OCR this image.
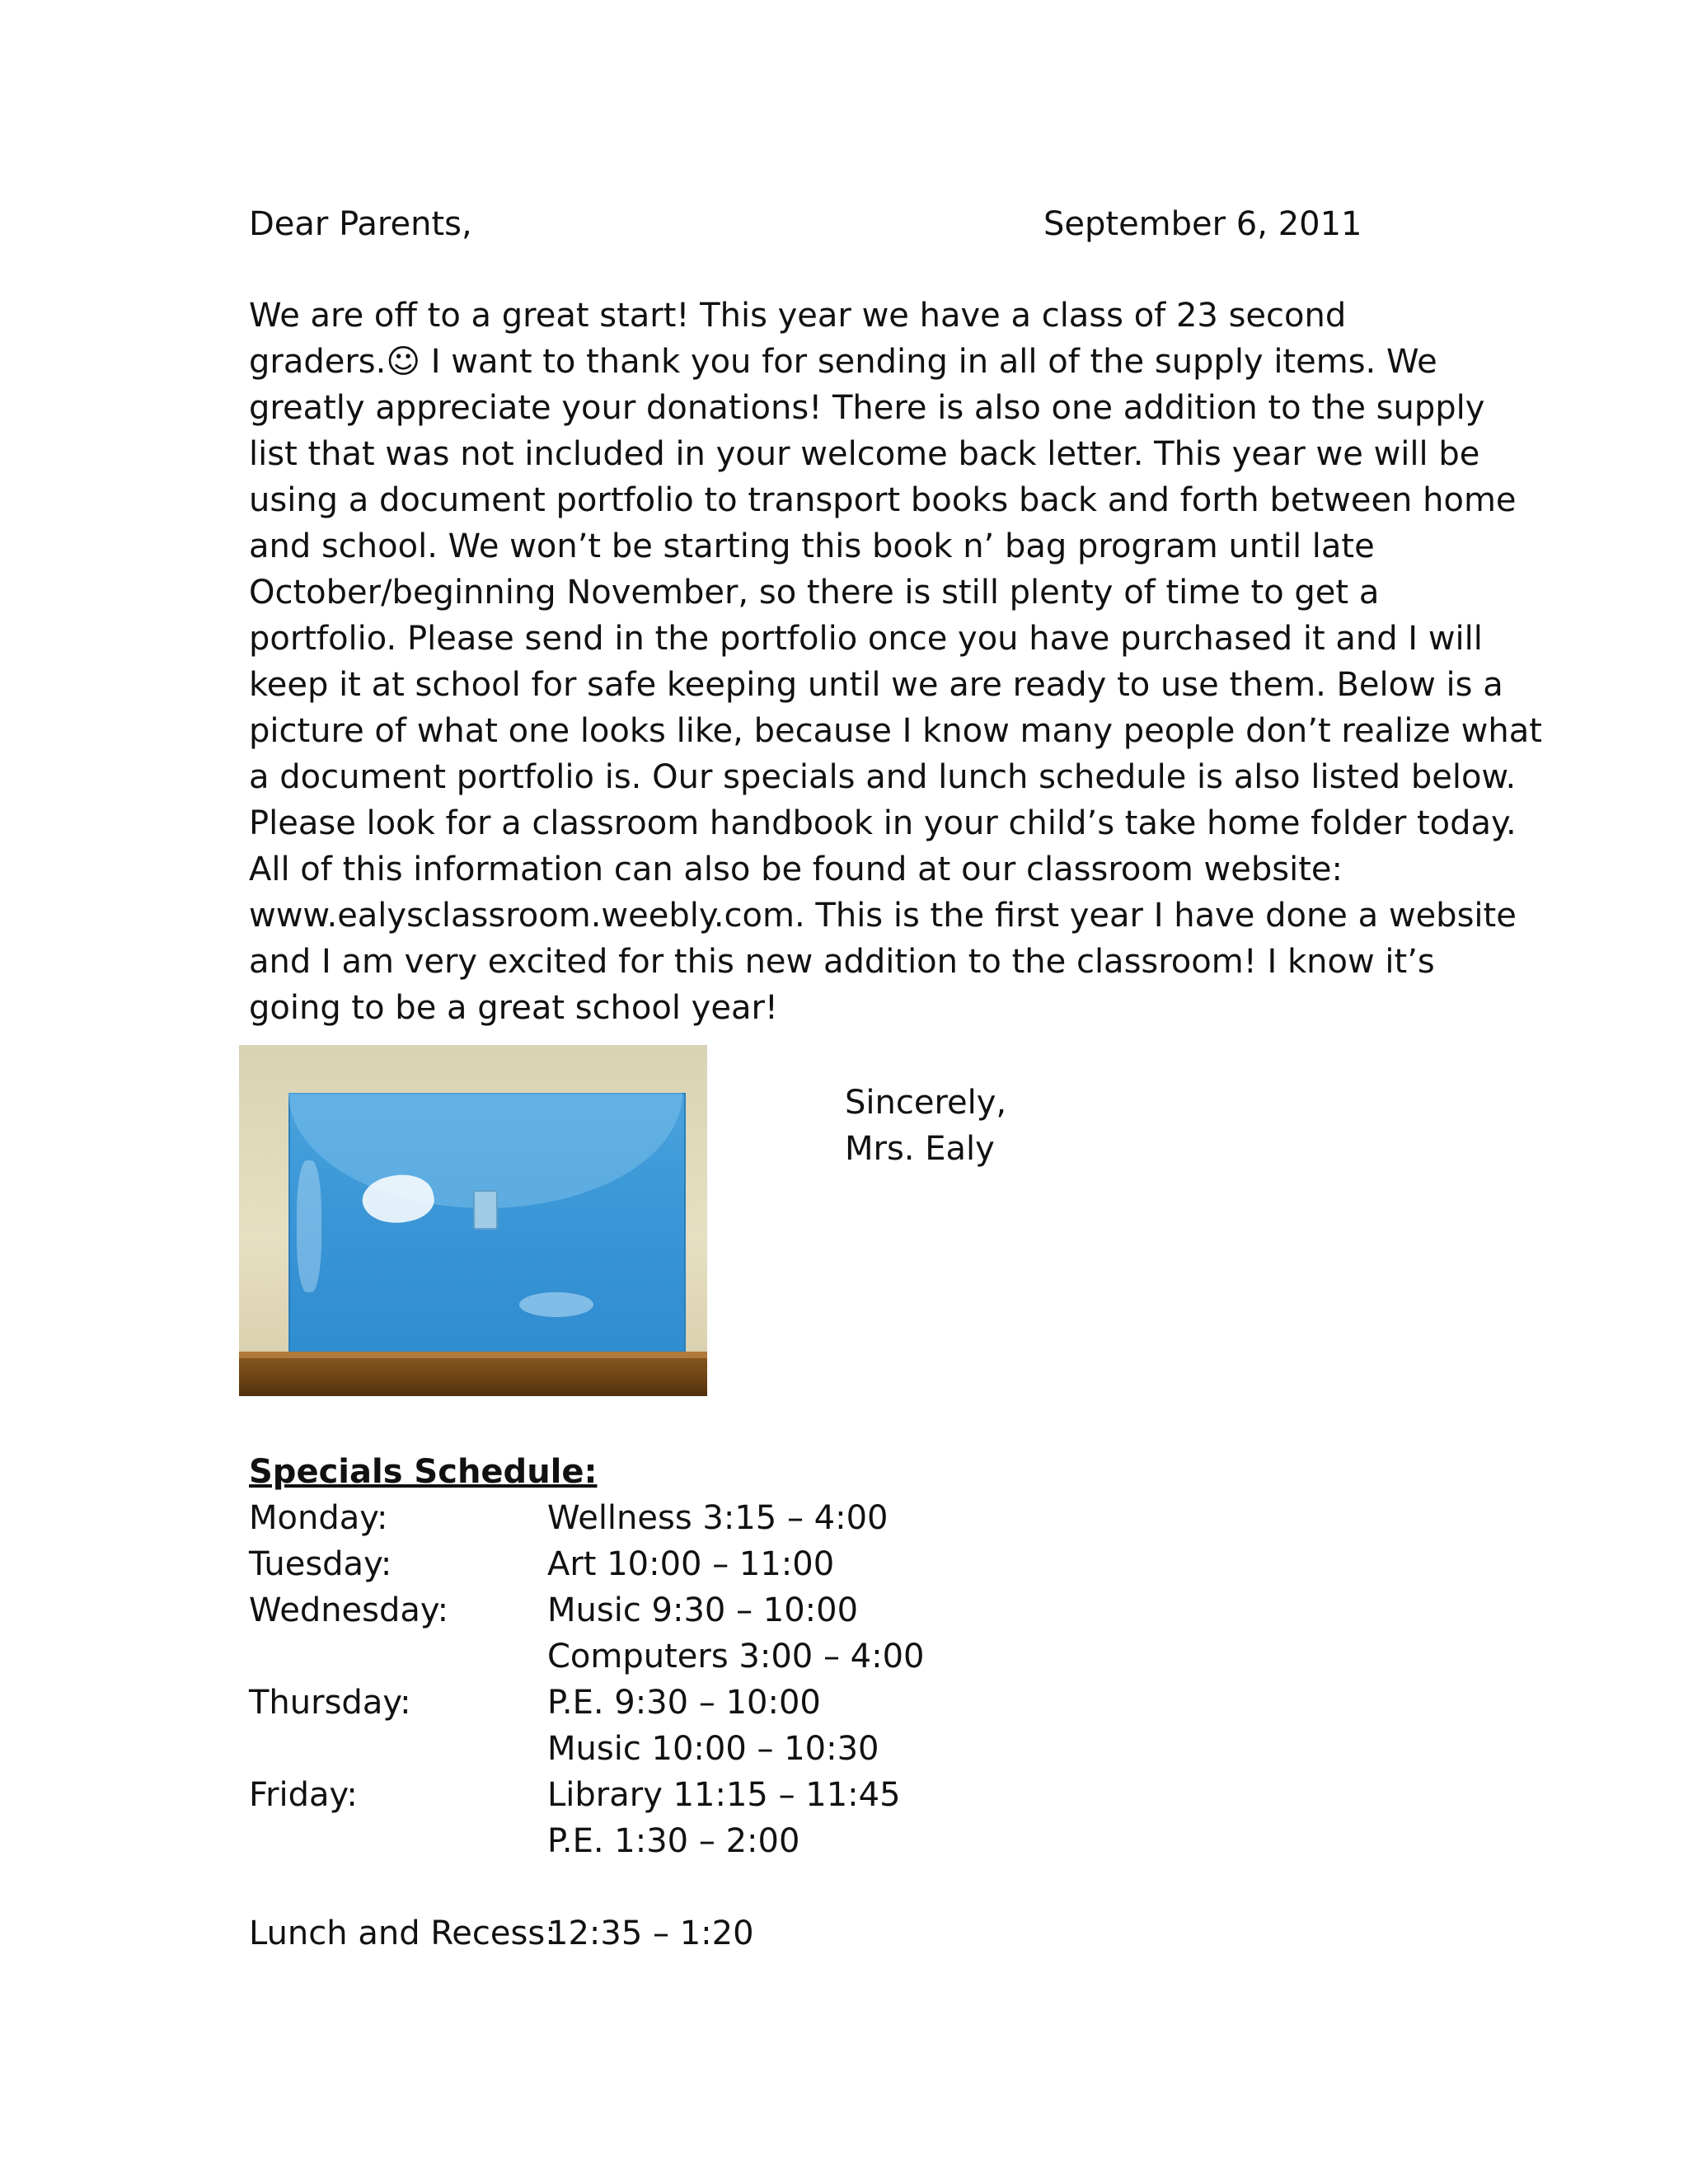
Dear Parents,	September 6, 2011

We are off to a great start! This year we have a class of 23 second
graders.☺ I want to thank you for sending in all of the supply items. We
greatly appreciate your donations! There is also one addition to the supply
list that was not included in your welcome back letter. This year we will be
using a document portfolio to transport books back and forth between home
and school. We won’t be starting this book n’ bag program until late
October/beginning November, so there is still plenty of time to get a
portfolio. Please send in the portfolio once you have purchased it and I will
keep it at school for safe keeping until we are ready to use them. Below is a
picture of what one looks like, because I know many people don’t realize what
a document portfolio is. Our specials and lunch schedule is also listed below.
Please look for a classroom handbook in your child’s take home folder today.
All of this information can also be found at our classroom website:
www.ealysclassroom.weebly.com. This is the first year I have done a website
and I am very excited for this new addition to the classroom! I know it’s
going to be a great school year!

Sincerely,
Mrs. Ealy

Specials Schedule:

Monday:	Wellness 3:15 – 4:00
Tuesday:	Art 10:00 – 11:00
Wednesday:	Music 9:30 – 10:00
Computers 3:00 – 4:00
Thursday:	P.E. 9:30 – 10:00
Music 10:00 – 10:30
Friday:	Library 11:15 – 11:45
P.E. 1:30 – 2:00
Lunch and Recess:
12:35 – 1:20
